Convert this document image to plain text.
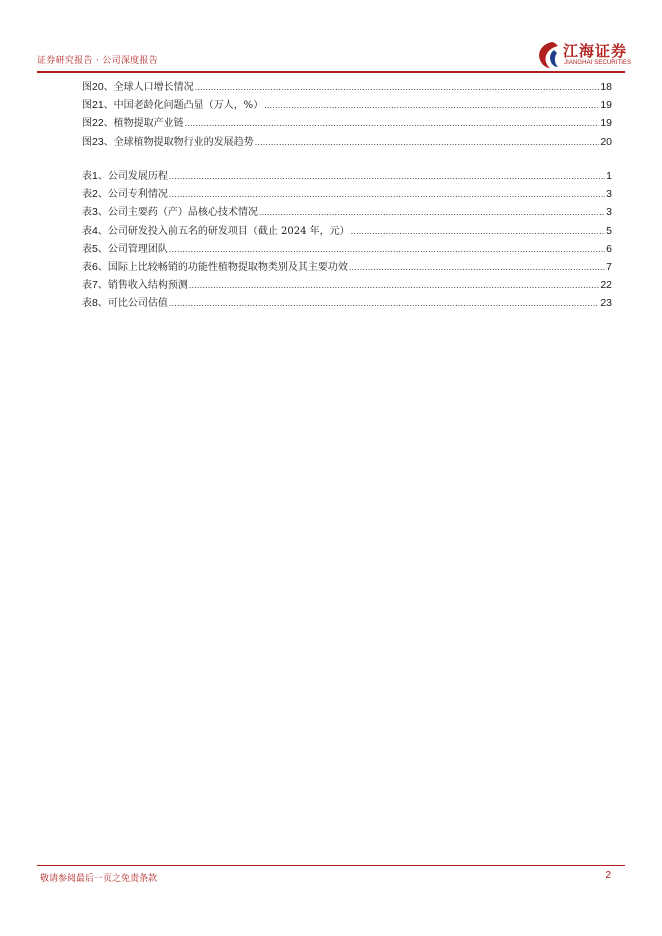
证券研究报告 · 公司深度报告
江海证券
JIANGHAI SECURITIES
图20、全球人口增长情况 .....	18
图21、中国老龄化问题凸显（万人，%） .....	19
图22、植物提取产业链 .....	19
图23、全球植物提取物行业的发展趋势 .....	20
表1、公司发展历程 .....	1
表2、公司专利情况 .....	3
表3、公司主要药（产）品核心技术情况 .....	3
表4、公司研发投入前五名的研发项目（截止 2024 年，元） .....	5
表5、公司管理团队 .....	6
表6、国际上比较畅销的功能性植物提取物类别及其主要功效 .....	7
表7、销售收入结构预测 .....	22
表8、可比公司估值 .....	23
敬请参阅最后一页之免责条款	2
